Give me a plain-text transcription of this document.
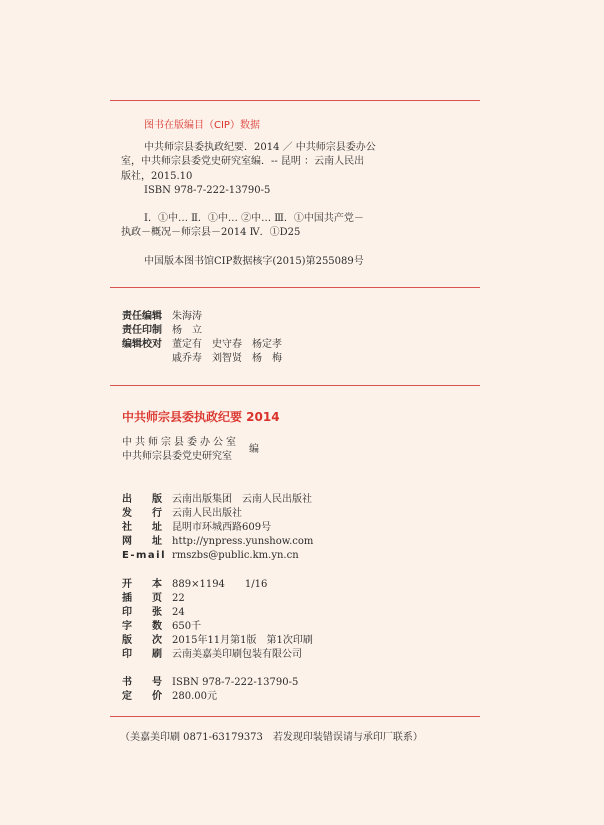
图书在版编目（CIP）数据
中共师宗县委执政纪要．2014 ／ 中共师宗县委办公
室，中共师宗县委党史研究室编．-- 昆明 ：云南人民出
版社，2015.10
ISBN 978-7-222-13790-5
Ⅰ．①中… Ⅱ．①中… ②中… Ⅲ．①中国共产党－
执政－概况－师宗县－2014 Ⅳ．①D25
中国版本图书馆CIP数据核字(2015)第255089号
责任编辑 朱海涛
责任印制 杨　立
编辑校对 董定有　史守春　杨定孝
戚乔寿　刘智贤　杨　梅
中共师宗县委执政纪要 2014
中共师宗县委办公室
中共师宗县委党史研究室
编
出　　版 云南出版集团　云南人民出版社
发　　行 云南人民出版社
社　　址 昆明市环城西路609号
网　　址 http://ynpress.yunshow.com
E-mail rmszbs@public.km.yn.cn
开　　本 889×1194　　1/16
插　　页 22
印　　张 24
字　　数 650千
版　　次 2015年11月第1版　第1次印刷
印　　刷 云南美嘉美印刷包装有限公司
书　　号 ISBN 978-7-222-13790-5
定　　价 280.00元
（美嘉美印刷 0871-63179373　若发现印装错误请与承印厂联系）
